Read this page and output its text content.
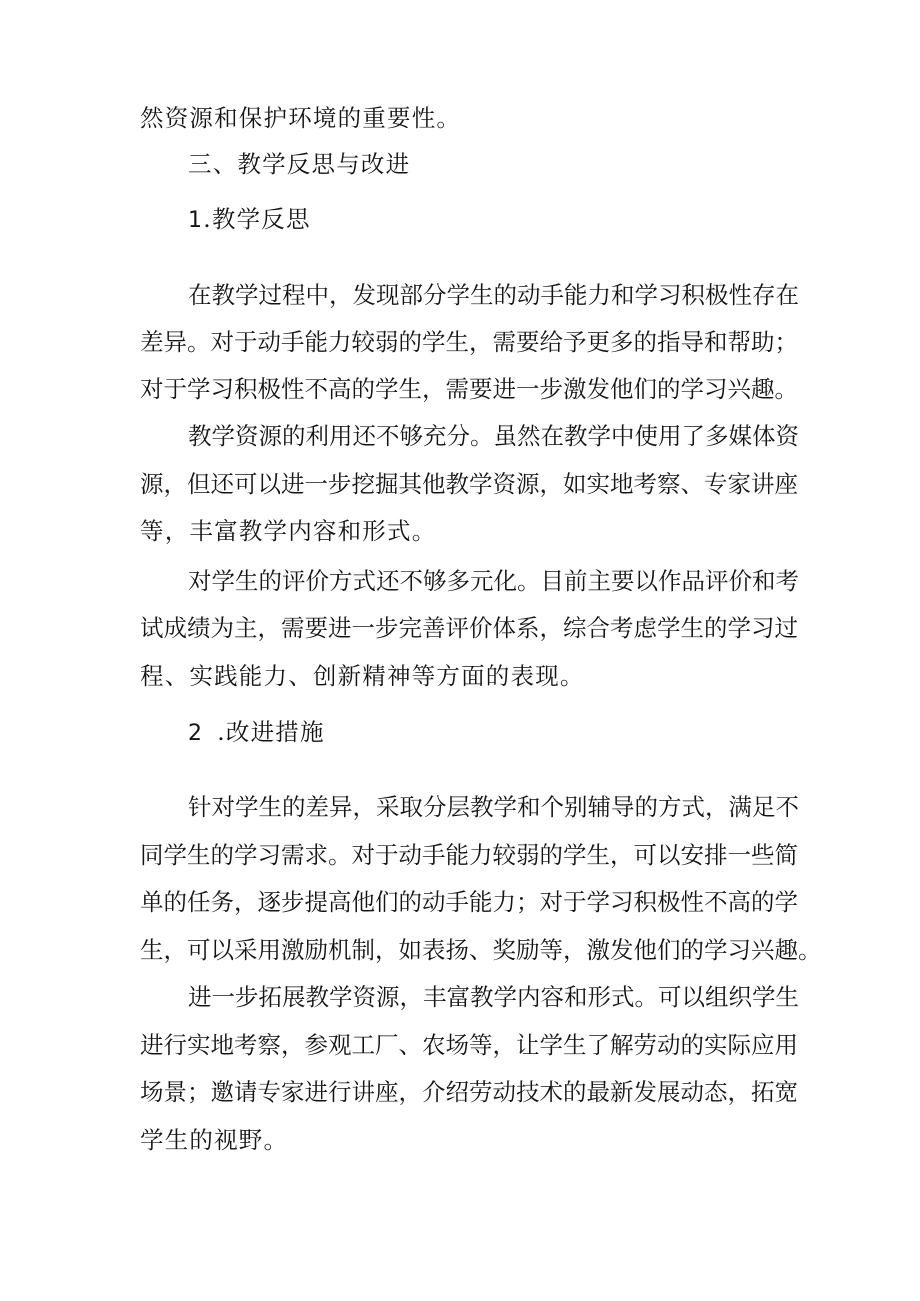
然资源和保护环境的重要性。
三、教学反思与改进
1.教学反思
在教学过程中，发现部分学生的动手能力和学习积极性存在
差异。对于动手能力较弱的学生，需要给予更多的指导和帮助；
对于学习积极性不高的学生，需要进一步激发他们的学习兴趣。
教学资源的利用还不够充分。虽然在教学中使用了多媒体资
源，但还可以进一步挖掘其他教学资源，如实地考察、专家讲座
等，丰富教学内容和形式。
对学生的评价方式还不够多元化。目前主要以作品评价和考
试成绩为主，需要进一步完善评价体系，综合考虑学生的学习过
程、实践能力、创新精神等方面的表现。
2 .改进措施
针对学生的差异，采取分层教学和个别辅导的方式，满足不
同学生的学习需求。对于动手能力较弱的学生，可以安排一些简
单的任务，逐步提高他们的动手能力；对于学习积极性不高的学
生，可以采用激励机制，如表扬、奖励等，激发他们的学习兴趣。
进一步拓展教学资源，丰富教学内容和形式。可以组织学生
进行实地考察，参观工厂、农场等，让学生了解劳动的实际应用
场景；邀请专家进行讲座，介绍劳动技术的最新发展动态，拓宽
学生的视野。
